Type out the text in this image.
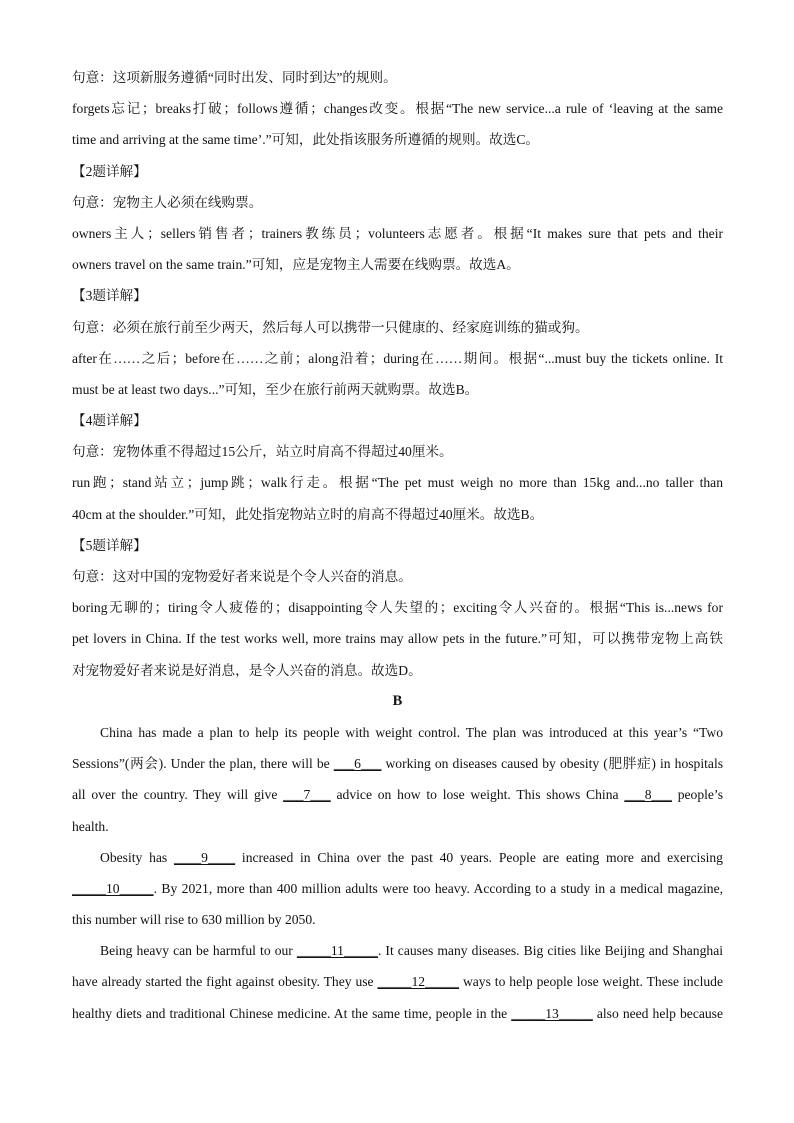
句意：这项新服务遵循“同时出发、同时到达”的规则。
forgets忘记；breaks打破；follows遵循；changes改变。根据“The new service...a rule of ‘leaving at the same
time and arriving at the same time’.”可知，此处指该服务所遵循的规则。故选C。
【2题详解】
句意：宠物主人必须在线购票。
owners主人；sellers销售者；trainers教练员；volunteers志愿者。根据“It makes sure that pets and their
owners travel on the same train.”可知，应是宠物主人需要在线购票。故选A。
【3题详解】
句意：必须在旅行前至少两天，然后每人可以携带一只健康的、经家庭训练的猫或狗。
after在……之后；before在……之前；along沿着；during在……期间。根据“...must buy the tickets online. It
must be at least two days...”可知，至少在旅行前两天就购票。故选B。
【4题详解】
句意：宠物体重不得超过15公斤，站立时肩高不得超过40厘米。
run跑；stand站立；jump跳；walk行走。根据“The pet must weigh no more than 15kg and...no taller than
40cm at the shoulder.”可知，此处指宠物站立时的肩高不得超过40厘米。故选B。
【5题详解】
句意：这对中国的宠物爱好者来说是个令人兴奋的消息。
boring无聊的；tiring令人疲倦的；disappointing令人失望的；exciting令人兴奋的。根据“This is...news for
pet lovers in China. If the test works well, more trains may allow pets in the future.”可知，可以携带宠物上高铁
对宠物爱好者来说是好消息，是令人兴奋的消息。故选D。
B
China has made a plan to help its people with weight control. The plan was introduced at this year’s “Two
Sessions”(两会). Under the plan, there will be ___6___ working on diseases caused by obesity (肥胖症) in hospitals
all over the country. They will give ___7___ advice on how to lose weight. This shows China ___8___ people’s
health.
Obesity has ____9____ increased in China over the past 40 years. People are eating more and exercising
_____10_____. By 2021, more than 400 million adults were too heavy. According to a study in a medical magazine,
this number will rise to 630 million by 2050.
Being heavy can be harmful to our _____11_____. It causes many diseases. Big cities like Beijing and Shanghai
have already started the fight against obesity. They use _____12_____ ways to help people lose weight. These include
healthy diets and traditional Chinese medicine. At the same time, people in the _____13_____ also need help because
